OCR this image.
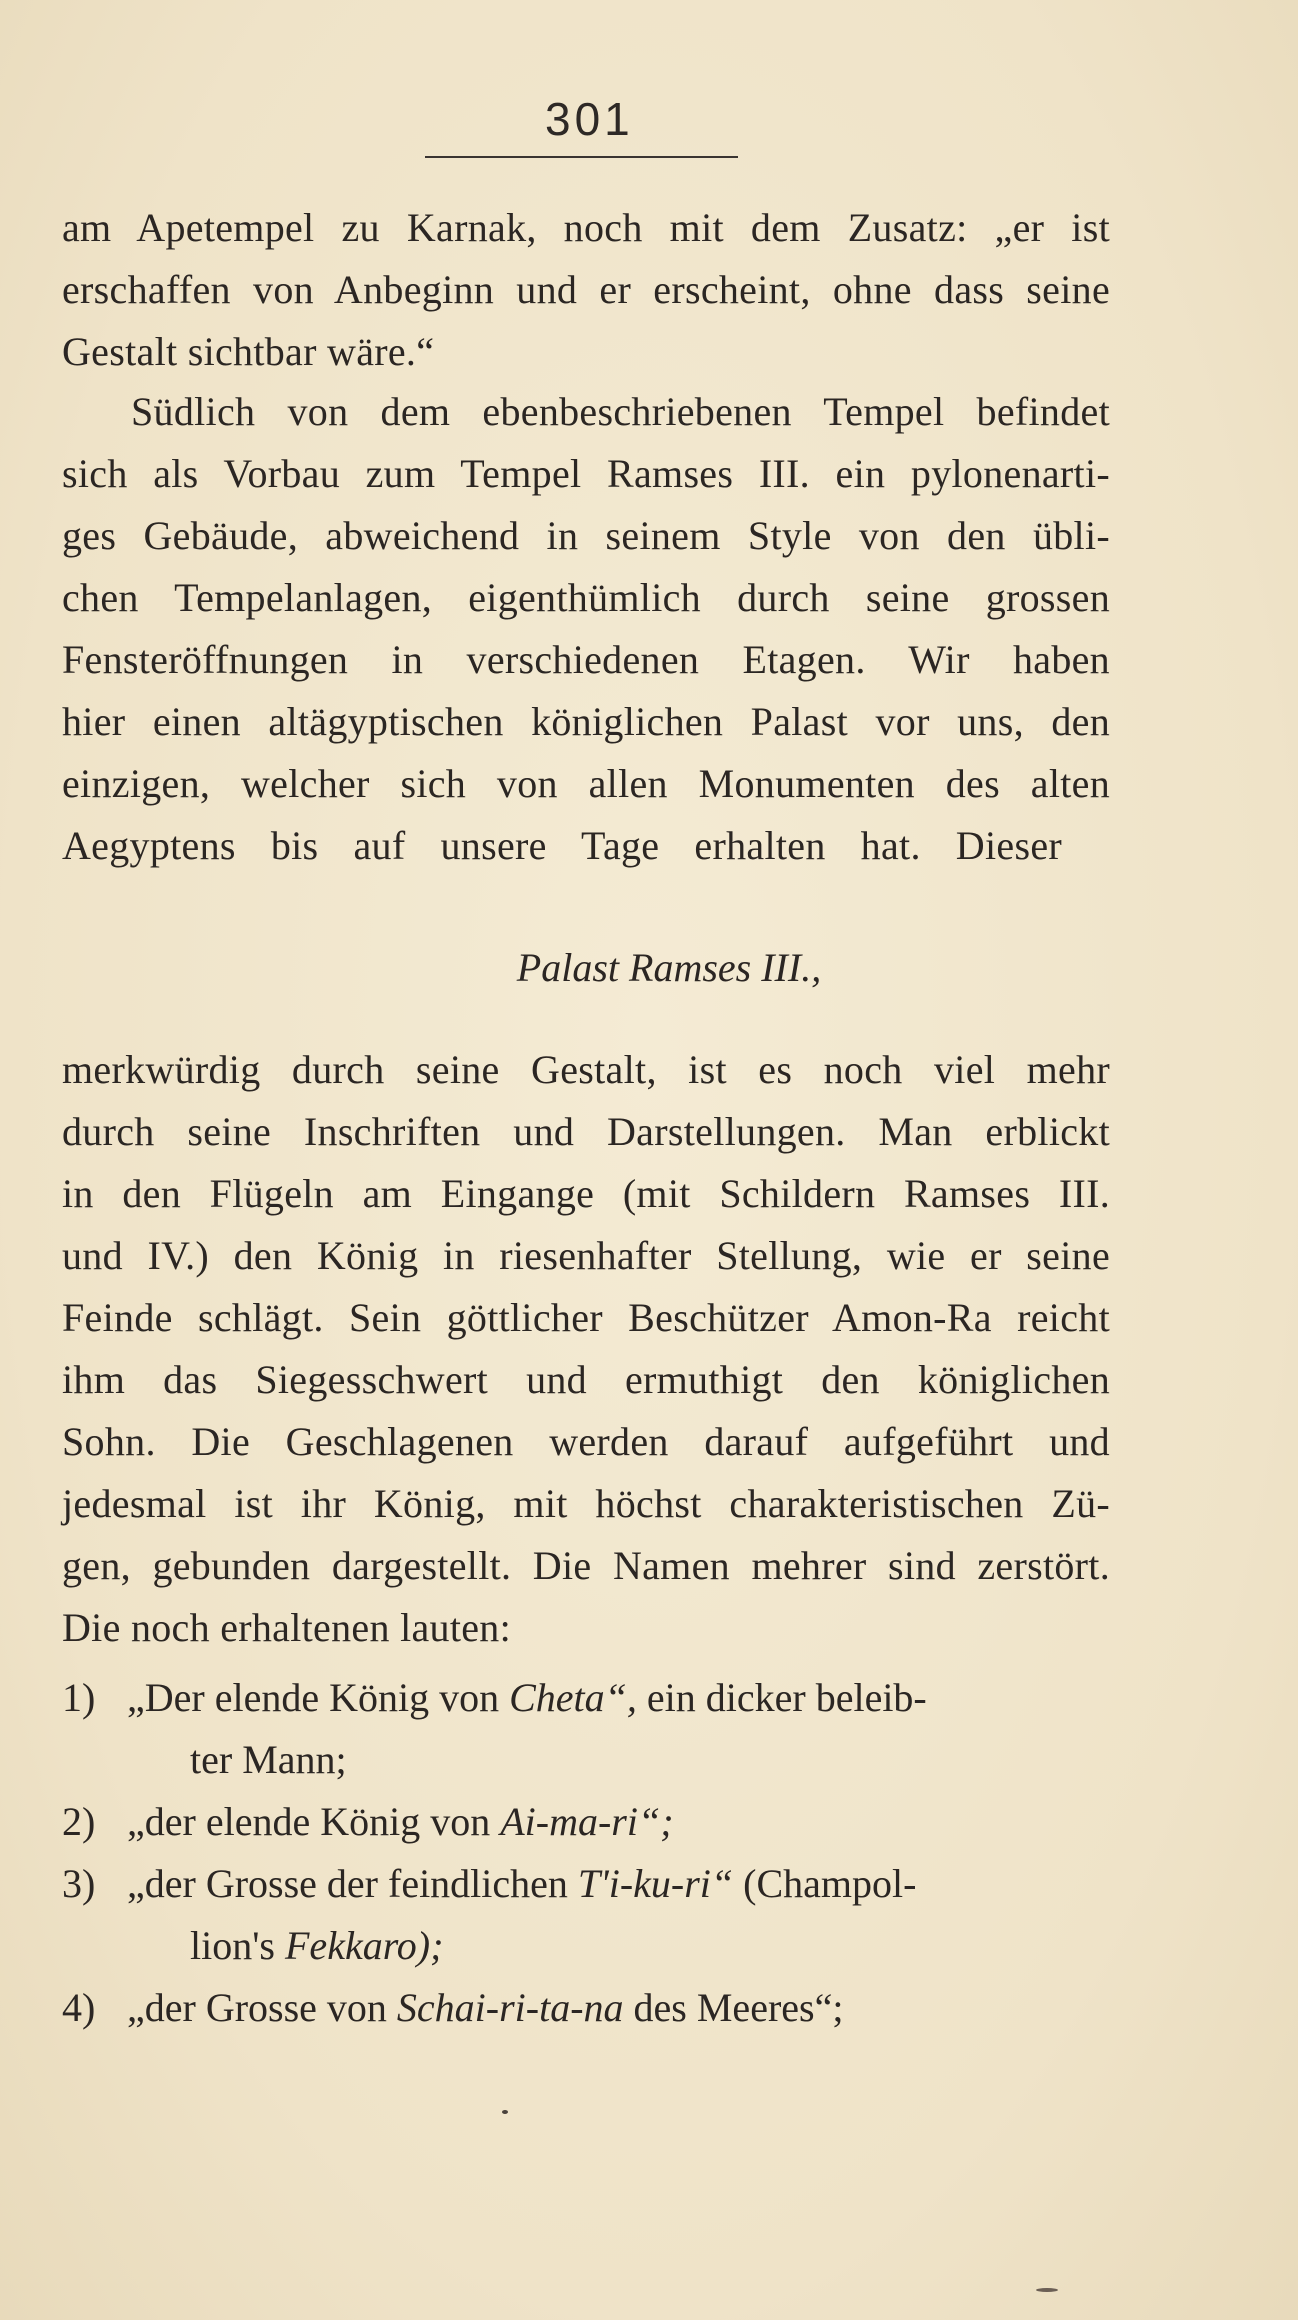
301
am Apetempel zu Karnak, noch mit dem Zusatz: „er ist
erschaffen von Anbeginn und er erscheint, ohne dass seine
Gestalt sichtbar wäre.“
Südlich von dem ebenbeschriebenen Tempel befindet
sich als Vorbau zum Tempel Ramses III. ein pylonenarti-
ges Gebäude, abweichend in seinem Style von den übli-
chen Tempelanlagen, eigenthümlich durch seine grossen
Fensteröffnungen in verschiedenen Etagen. Wir haben
hier einen altägyptischen königlichen Palast vor uns, den
einzigen, welcher sich von allen Monumenten des alten
Aegyptens bis auf unsere Tage erhalten hat. Dieser
Palast Ramses III.,
merkwürdig durch seine Gestalt, ist es noch viel mehr
durch seine Inschriften und Darstellungen. Man erblickt
in den Flügeln am Eingange (mit Schildern Ramses III.
und IV.) den König in riesenhafter Stellung, wie er seine
Feinde schlägt. Sein göttlicher Beschützer Amon-Ra reicht
ihm das Siegesschwert und ermuthigt den königlichen
Sohn. Die Geschlagenen werden darauf aufgeführt und
jedesmal ist ihr König, mit höchst charakteristischen Zü-
gen, gebunden dargestellt. Die Namen mehrer sind zerstört.
Die noch erhaltenen lauten:
1) „Der elende König von Cheta“, ein dicker beleib-
ter Mann;
2) „der elende König von Ai-ma-ri“;
3) „der Grosse der feindlichen T'i-ku-ri“ (Champol-
lion's Fekkaro);
4) „der Grosse von Schai-ri-ta-na des Meeres“;
